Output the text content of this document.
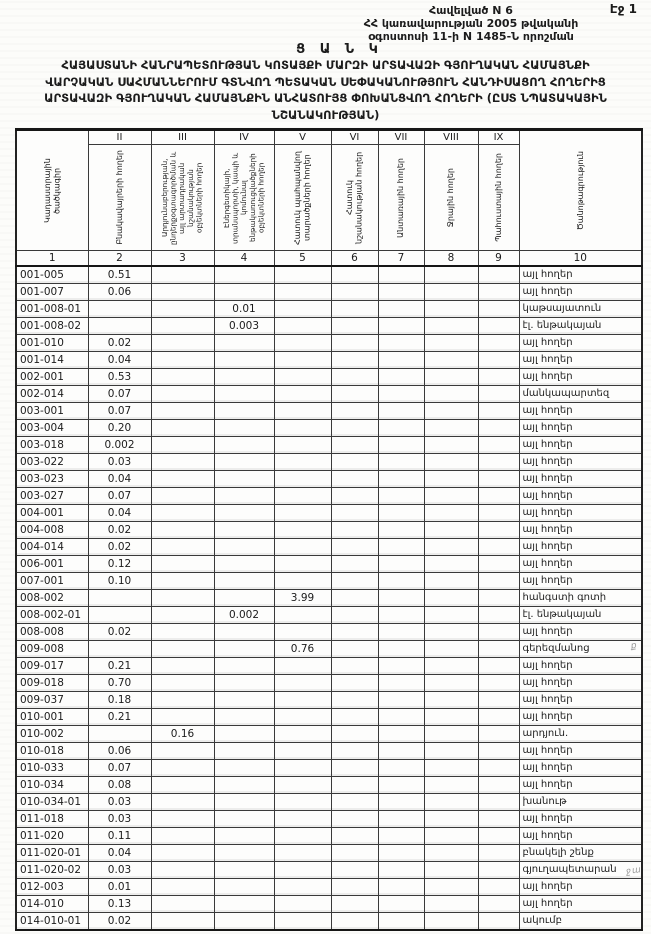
Էջ 1
Հավելված N 6
ՀՀ կառավարության 2005 թվականի
օգոստոսի 11-ի N 1485-Ն որոշման
Ց Ա Ն Կ
ՀԱՅԱՍՏԱՆԻ ՀԱՆՐԱՊԵՏՈՒԹՅԱՆ ԿՈՏԱՅՔԻ ՄԱՐԶԻ ԱՐՏԱՎԱԶԻ ԳՅՈՒՂԱԿԱՆ ՀԱՄԱՅՆՔԻ
ՎԱՐՉԱԿԱՆ ՍԱՀՄԱՆՆԵՐՈՒՄ ԳՏՆՎՈՂ ՊԵՏԱԿԱՆ ՍԵՓԱԿԱՆՈՒԹՅՈՒՆ ՀԱՆԴԻՍԱՑՈՂ ՀՈՂԵՐԻՑ
ԱՐՏԱՎԱԶԻ ԳՅՈՒՂԱԿԱՆ ՀԱՄԱՅՆՔԻՆ ԱՆՀԱՏՈՒՅՑ ՓՈԽԱՆՑՎՈՂ ՀՈՂԵՐԻ (ԸՍՏ ՆՊԱՏԱԿԱՅԻՆ
ՆՇԱՆԱԿՈՒԹՅԱՆ)
Կադաստրային ծածկագիր	II	III	IV	V	VI	VII	VIII	IX	Ծանոթագրություն

	Բնակավայրերի հողեր	Արդյունաբերության, ընդերքօգտագործման և այլ արտադրական նշանակության օբյեկտների հողեր	Էներգետիկայի, տրանսպորտի, կապի և կոմունալ ենթակառուցվածքների օբյեկտների հողեր	Հատուկ պահպանվող տարածքների հողեր	Հատուկ նշանակության հողեր	Անտառային հողեր	Ջրային հողեր	Պահուստային հողեր	

1	2	3	4	5	6	7	8	9	10
001-005	0.51								այլ հողեր
001-007	0.06								այլ հողեր
001-008-01			0.01						կաթսայատուն
001-008-02			0.003						էլ. ենթակայան
001-010	0.02								այլ հողեր
001-014	0.04								այլ հողեր
002-001	0.53								այլ հողեր
002-014	0.07								մանկապարտեզ
003-001	0.07								այլ հողեր
003-004	0.20								այլ հողեր
003-018	0.002								այլ հողեր
003-022	0.03								այլ հողեր
003-023	0.04								այլ հողեր
003-027	0.07								այլ հողեր
004-001	0.04								այլ հողեր
004-008	0.02								այլ հողեր
004-014	0.02								այլ հողեր
006-001	0.12								այլ հողեր
007-001	0.10								այլ հողեր
008-002				3.99					հանգստի գոտի
008-002-01			0.002						էլ. ենթակայան
008-008	0.02								այլ հողեր
009-008				0.76					գերեզմանոց
009-017	0.21								այլ հողեր
009-018	0.70								այլ հողեր
009-037	0.18								այլ հողեր
010-001	0.21								այլ հողեր
010-002		0.16							արդյուն.
010-018	0.06								այլ հողեր
010-033	0.07								այլ հողեր
010-034	0.08								այլ հողեր
010-034-01	0.03								խանութ
011-018	0.03								այլ հողեր
011-020	0.11								այլ հողեր
011-020-01	0.04								բնակելի շենք
011-020-02	0.03								գյուղապետարան
012-003	0.01								այլ հողեր
014-010	0.13								այլ հողեր
014-010-01	0.02								ակումբ
ք
ջա
